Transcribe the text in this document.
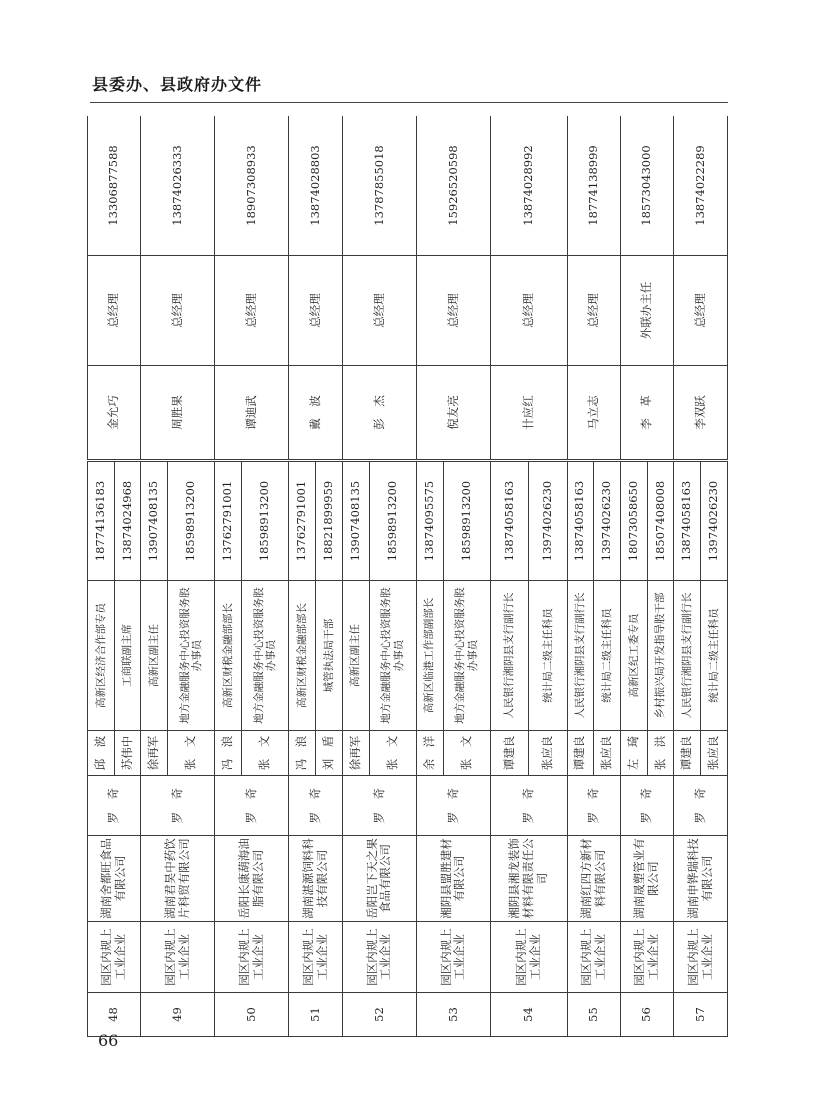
县委办、县政府办文件
48	园区内规上工业企业	湖南舍都旺食品有限公司	罗　奇	邱　波	高新区经济合作部专员	18774136183	金允巧	总经理	13306877588
				苏伟中	工商联副主席	13874024968			
49	园区内规上工业企业	湖南君昊中药饮片科贸有限公司	罗　奇	徐再军	高新区副主任	13907408135	周胜果	总经理	13874026333
				张　文	地方金融服务中心投资服务股办事员	18598913200			
50	园区内规上工业企业	岳阳长康葫海油脂有限公司	罗　奇	冯　浪	高新区财税金融部部长	13762791001	谭迪武	总经理	18907308933
				张　文	地方金融服务中心投资服务股办事员	18598913200			
51	园区内规上工业企业	湖南湛源饲料科技有限公司	罗　奇	冯　浪	高新区财税金融部部长	13762791001	戴　波	总经理	13874028803
				刘　盾	城管执法局干部	18821899959			
52	园区内规上工业企业	岳阳岂下天之果食品有限公司	罗　奇	徐再军	高新区副主任	13907408135	彭　杰	总经理	13787855018
				张　文	地方金融服务中心投资服务股办事员	18598913200			
53	园区内规上工业企业	湘阴县盟胜建材有限公司	罗　奇	余　洋	高新区临港工作部副部长	13874095575	倪友亮	总经理	15926520598
				张　文	地方金融服务中心投资服务股办事员	18598913200			
54	园区内规上工业企业	湘阴县湘龙装饰材料有限责任公司	罗　奇	谭建良	人民银行湘阴县支行副行长	13874058163	卄应红	总经理	13874028992
				张应良	统计局二级主任科员	13974026230			
55	园区内规上工业企业	湖南红四方新材料有限公司	罗　奇	谭建良	人民银行湘阴县支行副行长	13874058163	马立志	总经理	18774138999
				张应良	统计局二级主任科员	13974026230			
56	园区内规上工业企业	湖南晟塑管业有限公司	罗　奇	左　琦	高新区纪工委专员	18073058650	李　革	外联办主任	18573043000
				张　洪	乡村振兴局开发指导股干部	18507408008			
57	园区内规上工业企业	湖南申铧瑞科技有限公司	罗　奇	谭建良	人民银行湘阴县支行副行长	13874058163	李双跃	总经理	13874022289
				张应良	统计局二级主任科员	13974026230			
66
